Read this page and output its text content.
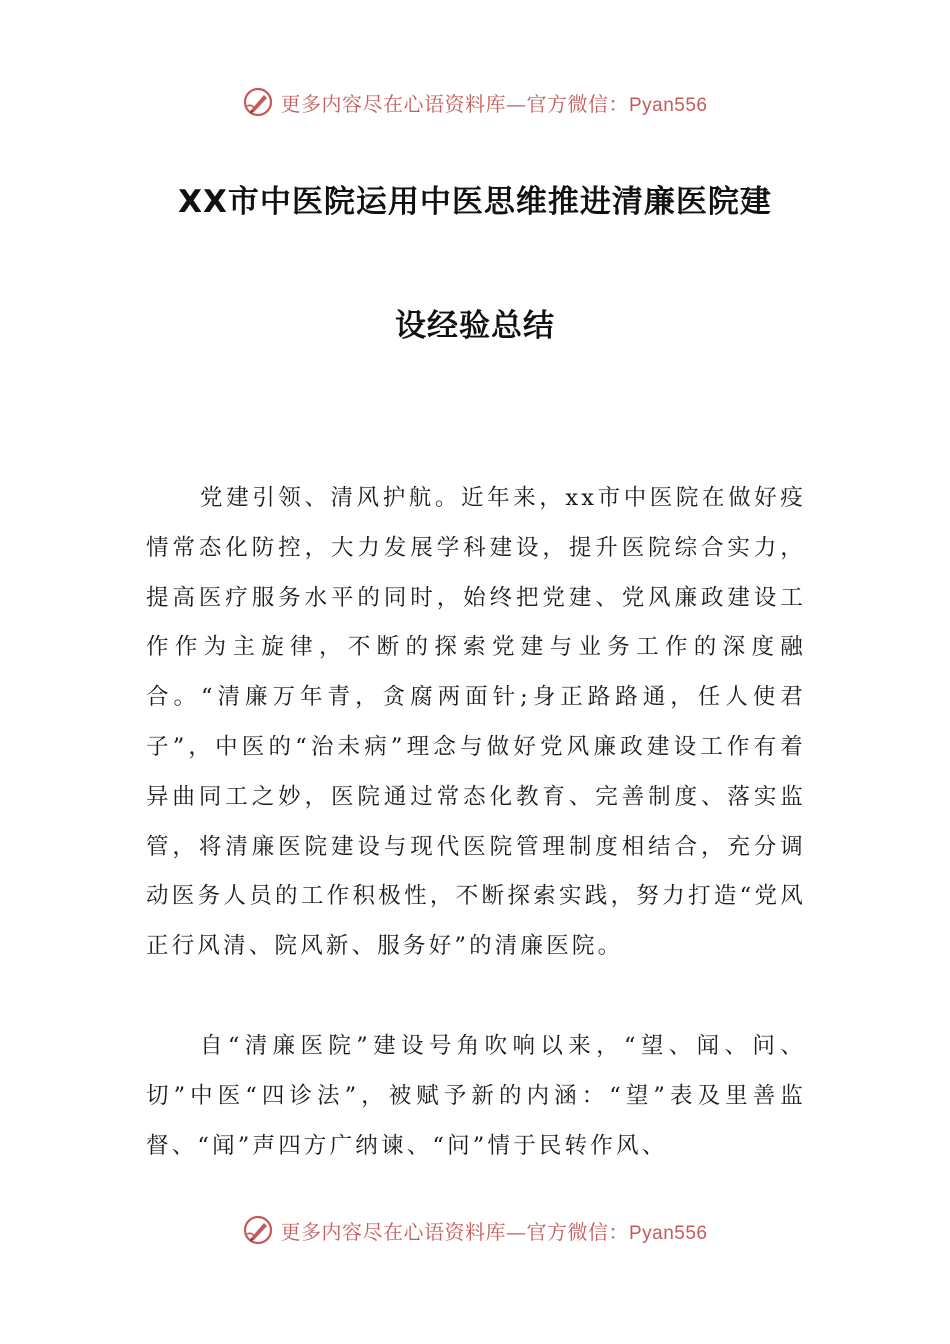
更多内容尽在心语资料库—官方微信：Pyan556
XX市中医院运用中医思维推进清廉医院建
设经验总结

党建引领、清风护航。近年来，xx市中医院在做好疫情常态化防控，大力发展学科建设，提升医院综合实力，提高医疗服务水平的同时，始终把党建、党风廉政建设工作作为主旋律，不断的探索党建与业务工作的深度融合。“清廉万年青，贪腐两面针;身正路路通，任人使君子”，中医的“治未病”理念与做好党风廉政建设工作有着异曲同工之妙，医院通过常态化教育、完善制度、落实监管，将清廉医院建设与现代医院管理制度相结合，充分调动医务人员的工作积极性，不断探索实践，努力打造“党风正行风清、院风新、服务好”的清廉医院。

自“清廉医院”建设号角吹响以来，“望、闻、问、切”中医“四诊法”，被赋予新的内涵：“望”表及里善监督、“闻”声四方广纳谏、“问”情于民转作风、

更多内容尽在心语资料库—官方微信：Pyan556
